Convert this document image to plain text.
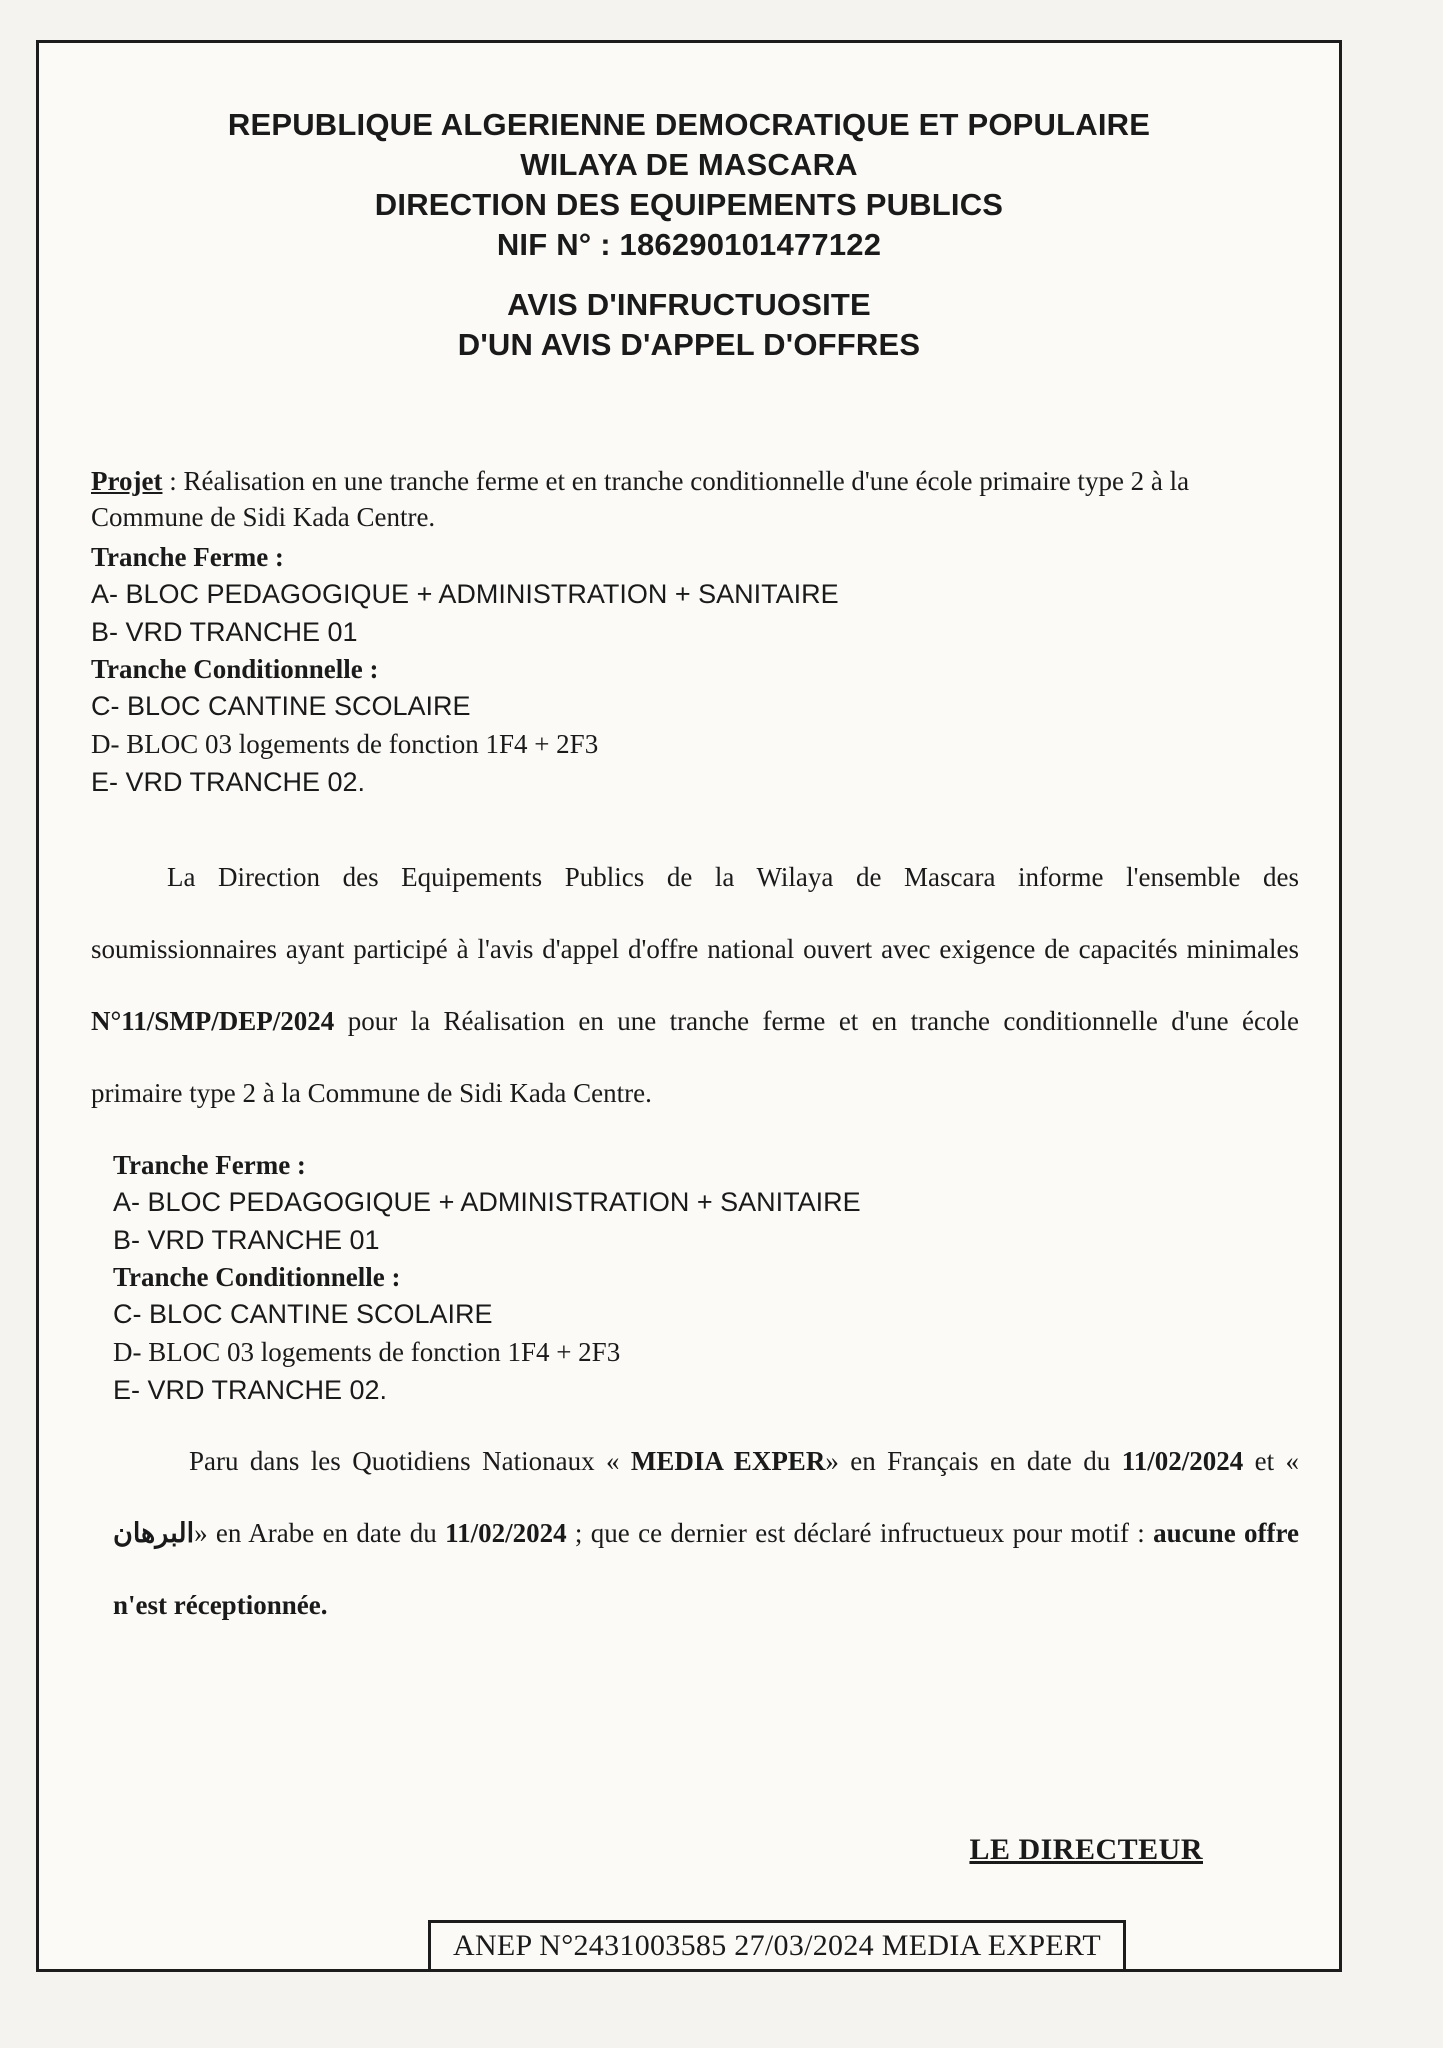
REPUBLIQUE ALGERIENNE DEMOCRATIQUE ET POPULAIRE
WILAYA DE MASCARA
DIRECTION DES EQUIPEMENTS PUBLICS
NIF N° : 186290101477122
AVIS D'INFRUCTUOSITE
D'UN AVIS D'APPEL D'OFFRES
Projet : Réalisation en une tranche ferme et en tranche conditionnelle d'une école primaire type 2 à la
Commune de Sidi Kada Centre.
Tranche Ferme :
A- BLOC PEDAGOGIQUE + ADMINISTRATION + SANITAIRE
B- VRD TRANCHE 01
Tranche Conditionnelle :
C- BLOC CANTINE SCOLAIRE
D- BLOC 03 logements de fonction 1F4 + 2F3
E- VRD TRANCHE 02.
La Direction des Equipements Publics de la Wilaya de Mascara informe l'ensemble des soumissionnaires ayant participé à l'avis d'appel d'offre national ouvert avec exigence de capacités minimales N°11/SMP/DEP/2024 pour la Réalisation en une tranche ferme et en tranche conditionnelle d'une école primaire type 2 à la Commune de Sidi Kada Centre.
Tranche Ferme :
A- BLOC PEDAGOGIQUE + ADMINISTRATION + SANITAIRE
B- VRD TRANCHE 01
Tranche Conditionnelle :
C- BLOC CANTINE SCOLAIRE
D- BLOC 03 logements de fonction 1F4 + 2F3
E- VRD TRANCHE 02.
Paru dans les Quotidiens Nationaux « MEDIA EXPER» en Français en date du 11/02/2024 et « البرهان» en Arabe en date du 11/02/2024 ; que ce dernier est déclaré infructueux pour motif : aucune offre n'est réceptionnée.
LE DIRECTEUR
ANEP N°2431003585 27/03/2024 MEDIA EXPERT
